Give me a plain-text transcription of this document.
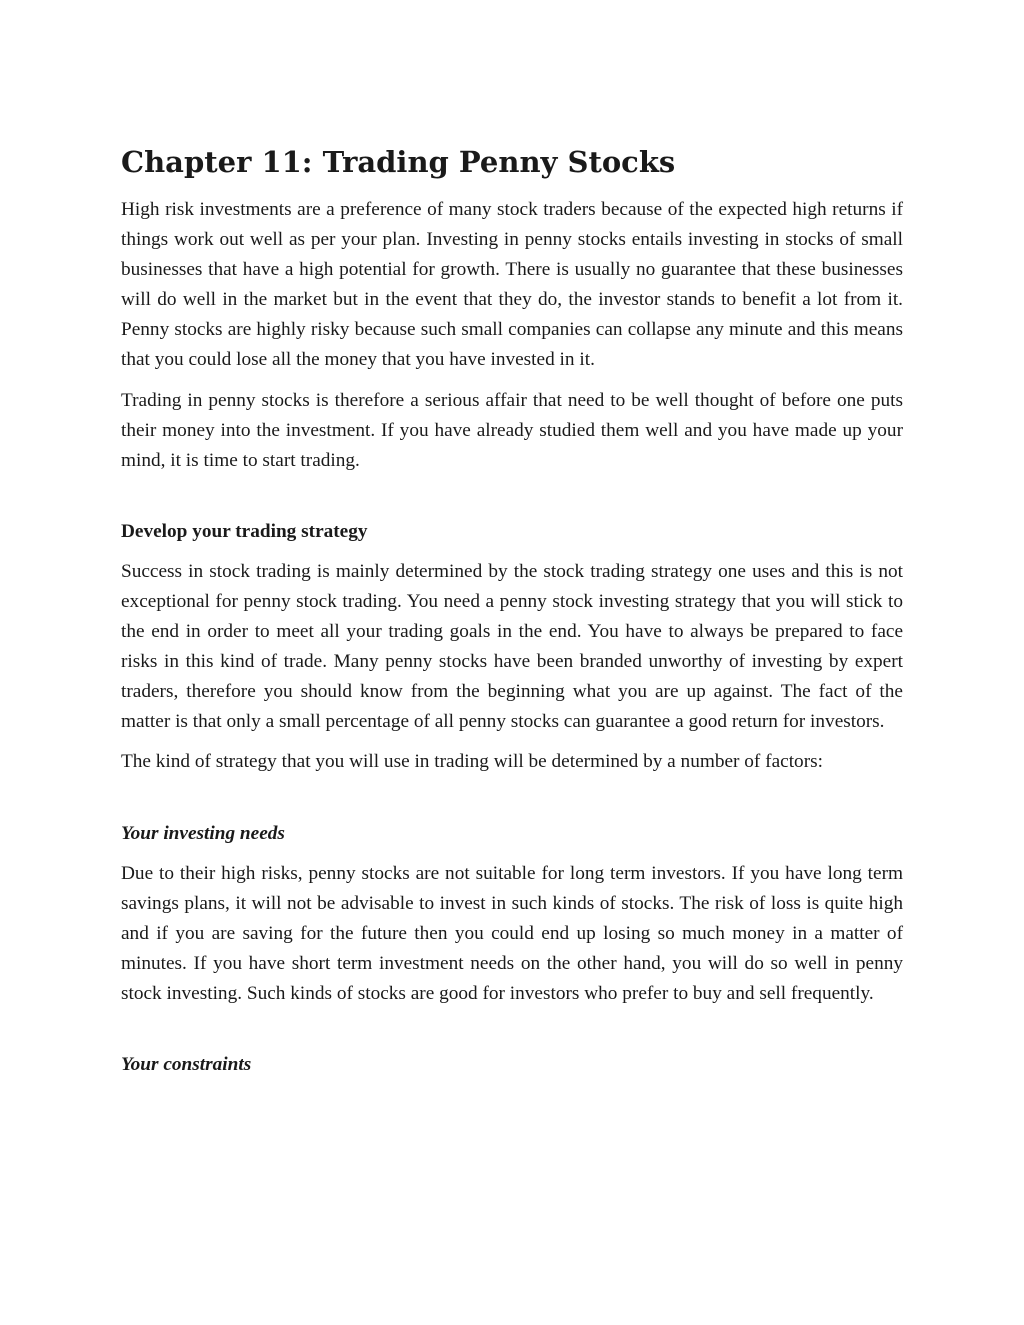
Chapter 11: Trading Penny Stocks

High risk investments are a preference of many stock traders because of the expected high returns if things work out well as per your plan. Investing in penny stocks entails investing in stocks of small businesses that have a high potential for growth. There is usually no guarantee that these businesses will do well in the market but in the event that they do, the investor stands to benefit a lot from it. Penny stocks are highly risky because such small companies can collapse any minute and this means that you could lose all the money that you have invested in it.

Trading in penny stocks is therefore a serious affair that need to be well thought of before one puts their money into the investment. If you have already studied them well and you have made up your mind, it is time to start trading.

Develop your trading strategy

Success in stock trading is mainly determined by the stock trading strategy one uses and this is not exceptional for penny stock trading. You need a penny stock investing strategy that you will stick to the end in order to meet all your trading goals in the end. You have to always be prepared to face risks in this kind of trade. Many penny stocks have been branded unworthy of investing by expert traders, therefore you should know from the beginning what you are up against. The fact of the matter is that only a small percentage of all penny stocks can guarantee a good return for investors.

The kind of strategy that you will use in trading will be determined by a number of factors:

Your investing needs

Due to their high risks, penny stocks are not suitable for long term investors. If you have long term savings plans, it will not be advisable to invest in such kinds of stocks. The risk of loss is quite high and if you are saving for the future then you could end up losing so much money in a matter of minutes. If you have short term investment needs on the other hand, you will do so well in penny stock investing. Such kinds of stocks are good for investors who prefer to buy and sell frequently.

Your constraints
